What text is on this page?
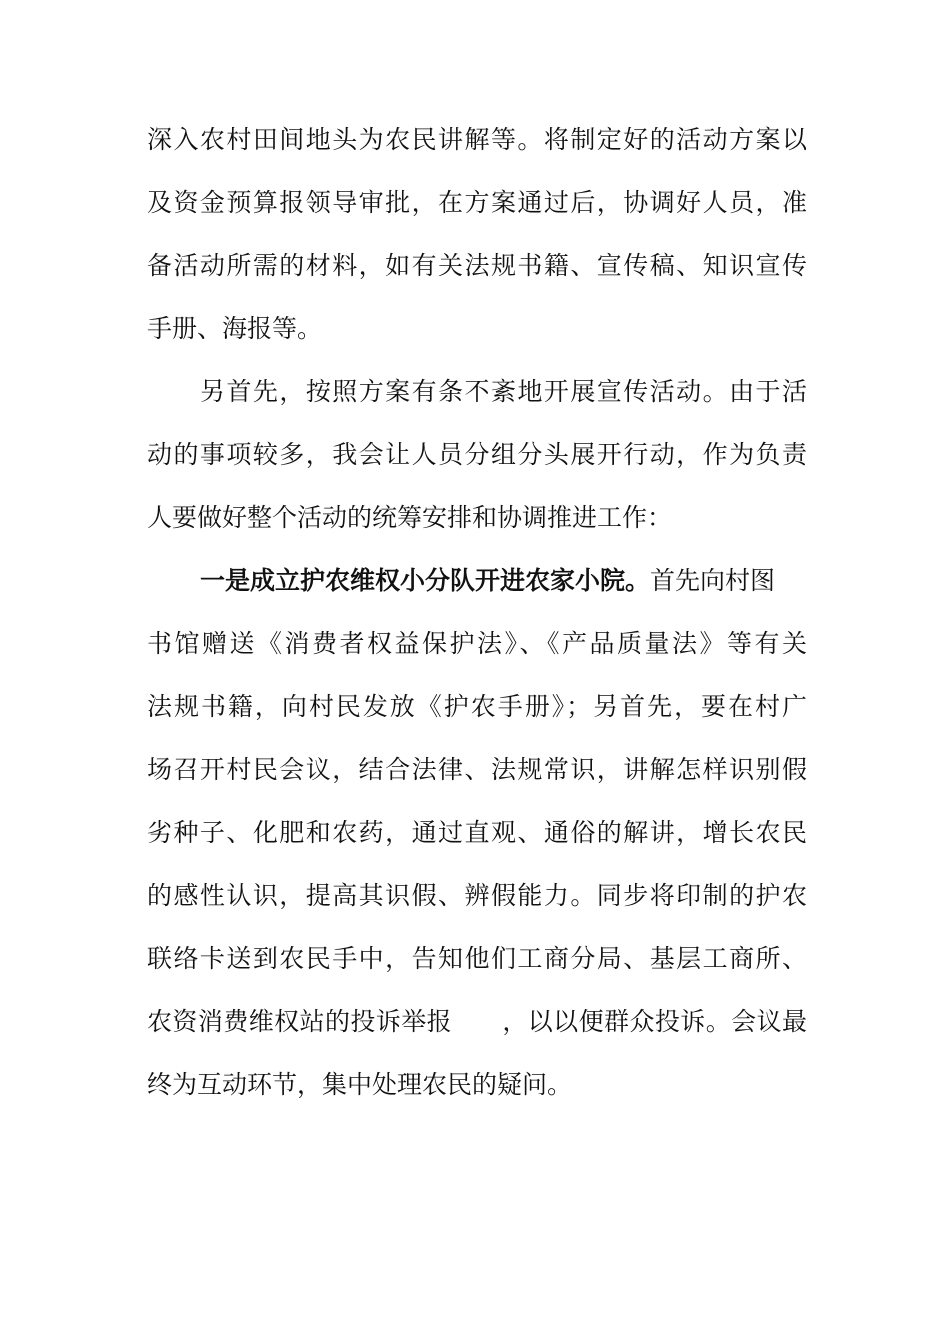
深入农村田间地头为农民讲解等。将制定好的活动方案以
及资金预算报领导审批，在方案通过后，协调好人员，准
备活动所需的材料，如有关法规书籍、宣传稿、知识宣传
手册、海报等。
另首先，按照方案有条不紊地开展宣传活动。由于活
动的事项较多，我会让人员分组分头展开行动，作为负责
人要做好整个活动的统筹安排和协调推进工作：
一是成立护农维权小分队开进农家小院。首先向村图
书馆赠送《消费者权益保护法》、《产品质量法》等有关
法规书籍，向村民发放《护农手册》；另首先，要在村广
场召开村民会议，结合法律、法规常识，讲解怎样识别假
劣种子、化肥和农药，通过直观、通俗的解讲，增长农民
的感性认识，提高其识假、辨假能力。同步将印制的护农
联络卡送到农民手中，告知他们工商分局、基层工商所、
农资消费维权站的投诉举报      ，以以便群众投诉。会议最
终为互动环节，集中处理农民的疑问。
